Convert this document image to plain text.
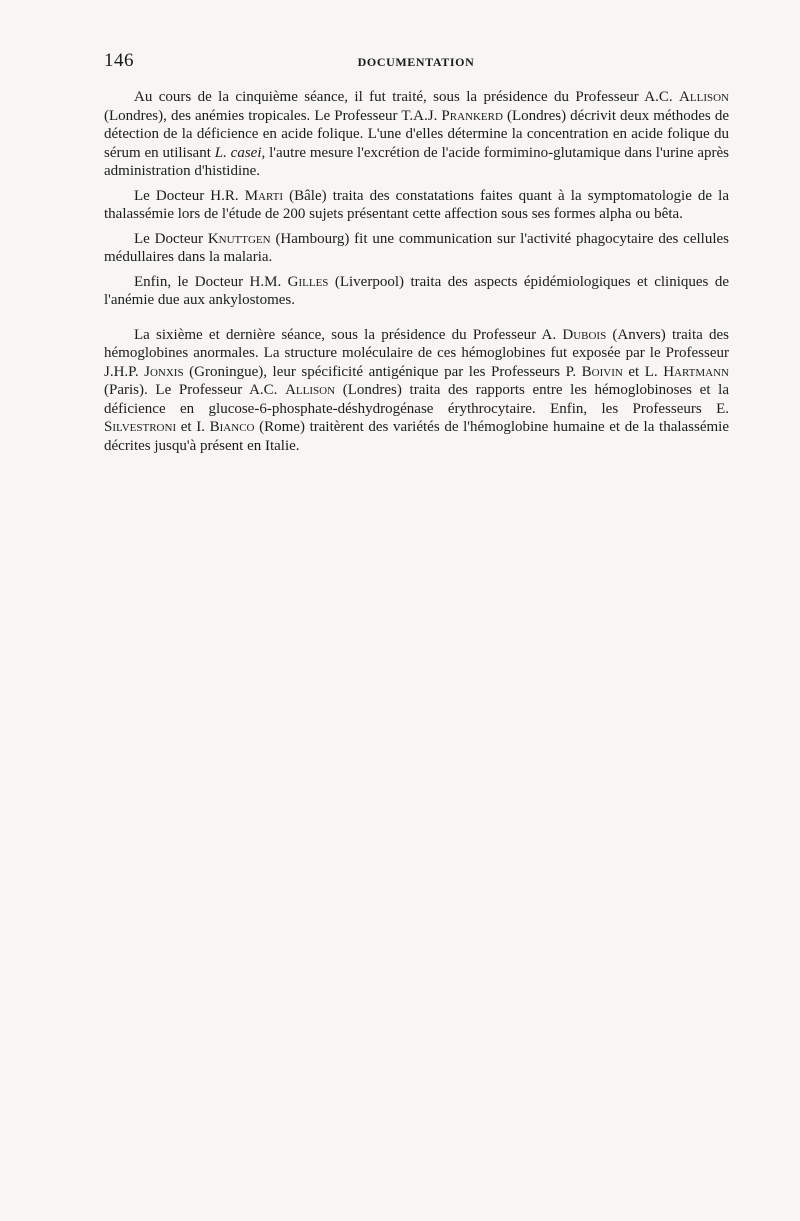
146	DOCUMENTATION

Au cours de la cinquième séance, il fut traité, sous la présidence du Professeur A.C. Allison (Londres), des anémies tropicales. Le Professeur T.A.J. Prankerd (Londres) décrivit deux méthodes de détection de la déficience en acide folique. L'une d'elles détermine la concentration en acide folique du sérum en utilisant L. casei, l'autre mesure l'excrétion de l'acide formimino-glutamique dans l'urine après administration d'histidine.

Le Docteur H.R. Marti (Bâle) traita des constatations faites quant à la symptomatologie de la thalassémie lors de l'étude de 200 sujets présentant cette affection sous ses formes alpha ou bêta.

Le Docteur Knuttgen (Hambourg) fit une communication sur l'activité phagocytaire des cellules médullaires dans la malaria.

Enfin, le Docteur H.M. Gilles (Liverpool) traita des aspects épidémiologiques et cliniques de l'anémie due aux ankylostomes.

La sixième et dernière séance, sous la présidence du Professeur A. Dubois (Anvers) traita des hémoglobines anormales. La structure moléculaire de ces hémoglobines fut exposée par le Professeur J.H.P. Jonxis (Groningue), leur spécificité antigénique par les Professeurs P. Boivin et L. Hartmann (Paris). Le Professeur A.C. Allison (Londres) traita des rapports entre les hémoglobinoses et la déficience en glucose-6-phosphate-déshydrogénase érythrocytaire. Enfin, les Professeurs E. Silvestroni et I. Bianco (Rome) traitèrent des variétés de l'hémoglobine humaine et de la thalassémie décrites jusqu'à présent en Italie.
